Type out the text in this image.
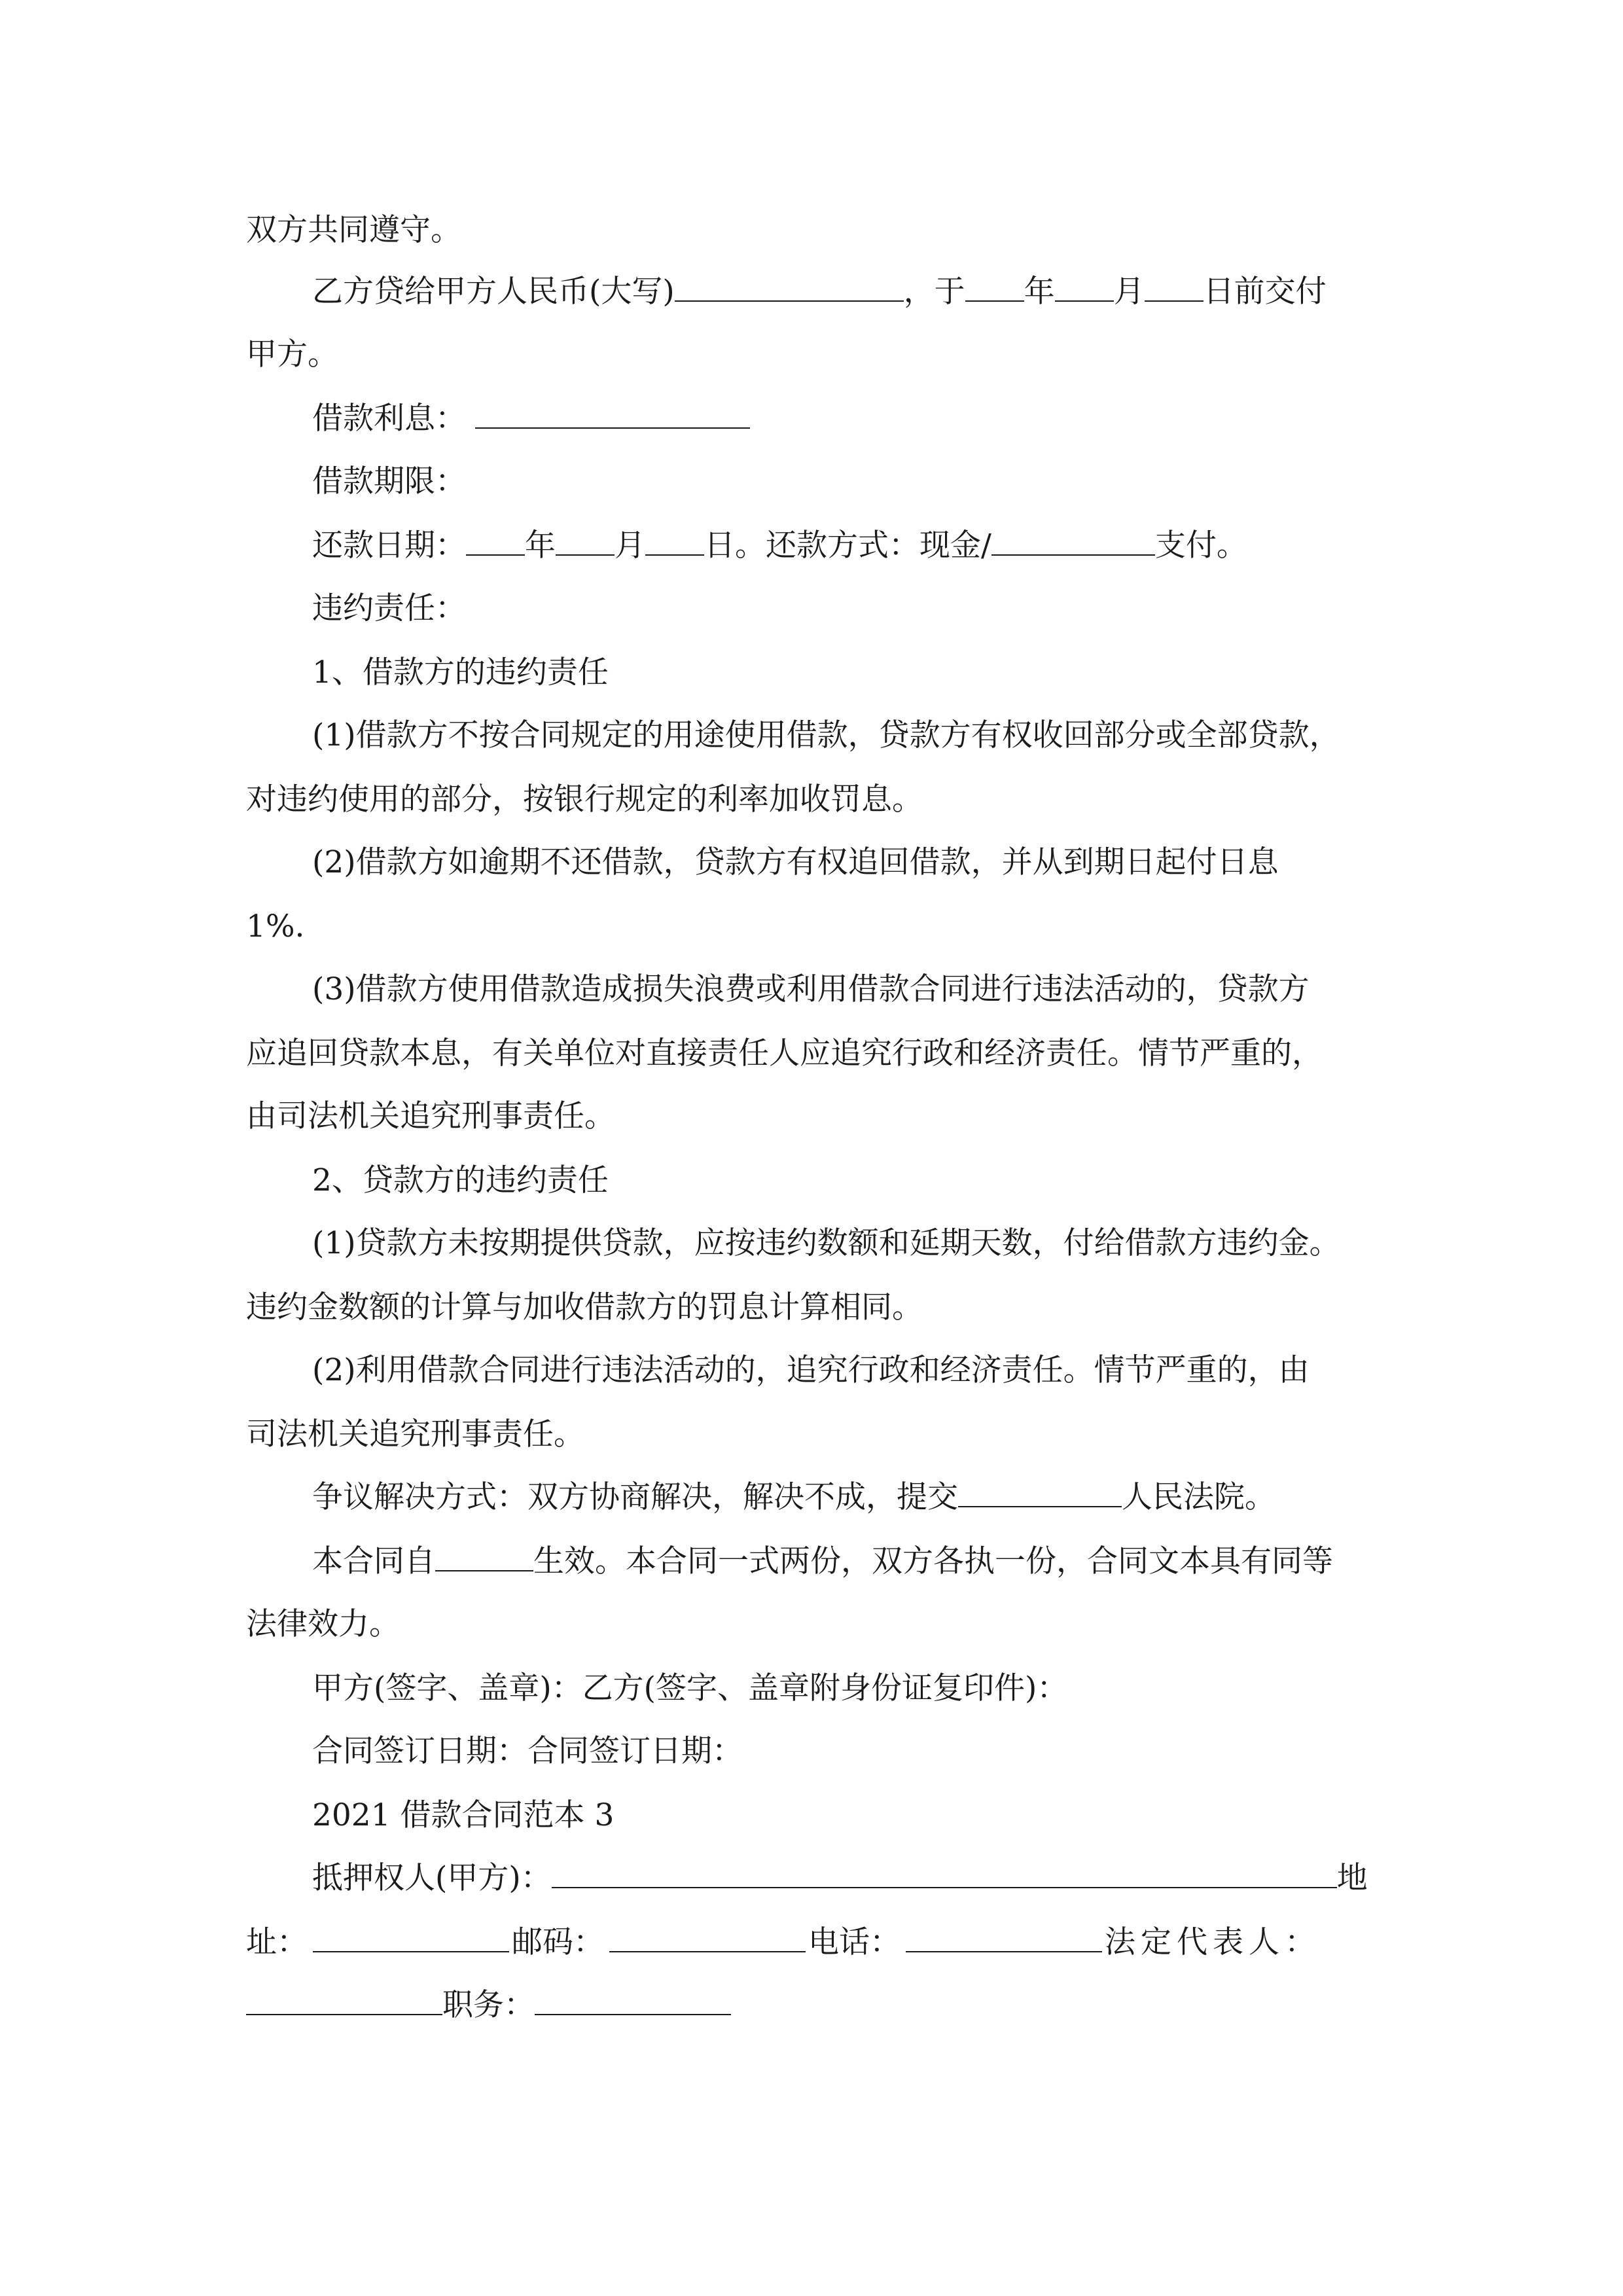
双方共同遵守。
乙方贷给甲方人民币(大写)	，于 年 月 日前交付
甲方。
借款利息：
借款期限：
还款日期： 年 月 日。还款方式：现金/	支付。
违约责任：
1、借款方的违约责任
(1)借款方不按合同规定的用途使用借款，贷款方有权收回部分或全部贷款，
对违约使用的部分，按银行规定的利率加收罚息。
(2)借款方如逾期不还借款，贷款方有权追回借款，并从到期日起付日息
1%.
(3)借款方使用借款造成损失浪费或利用借款合同进行违法活动的，贷款方
应追回贷款本息，有关单位对直接责任人应追究行政和经济责任。情节严重的，
由司法机关追究刑事责任。
2、贷款方的违约责任
(1)贷款方未按期提供贷款，应按违约数额和延期天数，付给借款方违约金。
违约金数额的计算与加收借款方的罚息计算相同。
(2)利用借款合同进行违法活动的，追究行政和经济责任。情节严重的，由
司法机关追究刑事责任。
争议解决方式：双方协商解决，解决不成，提交	人民法院。
本合同自	生效。本合同一式两份，双方各执一份，合同文本具有同等
法律效力。
甲方(签字、盖章)：乙方(签字、盖章附身份证复印件)：
合同签订日期：合同签订日期：
2021 借款合同范本 3
抵押权人(甲方)：	地
址：	邮码：	电话：	法定代表人：
职务：
